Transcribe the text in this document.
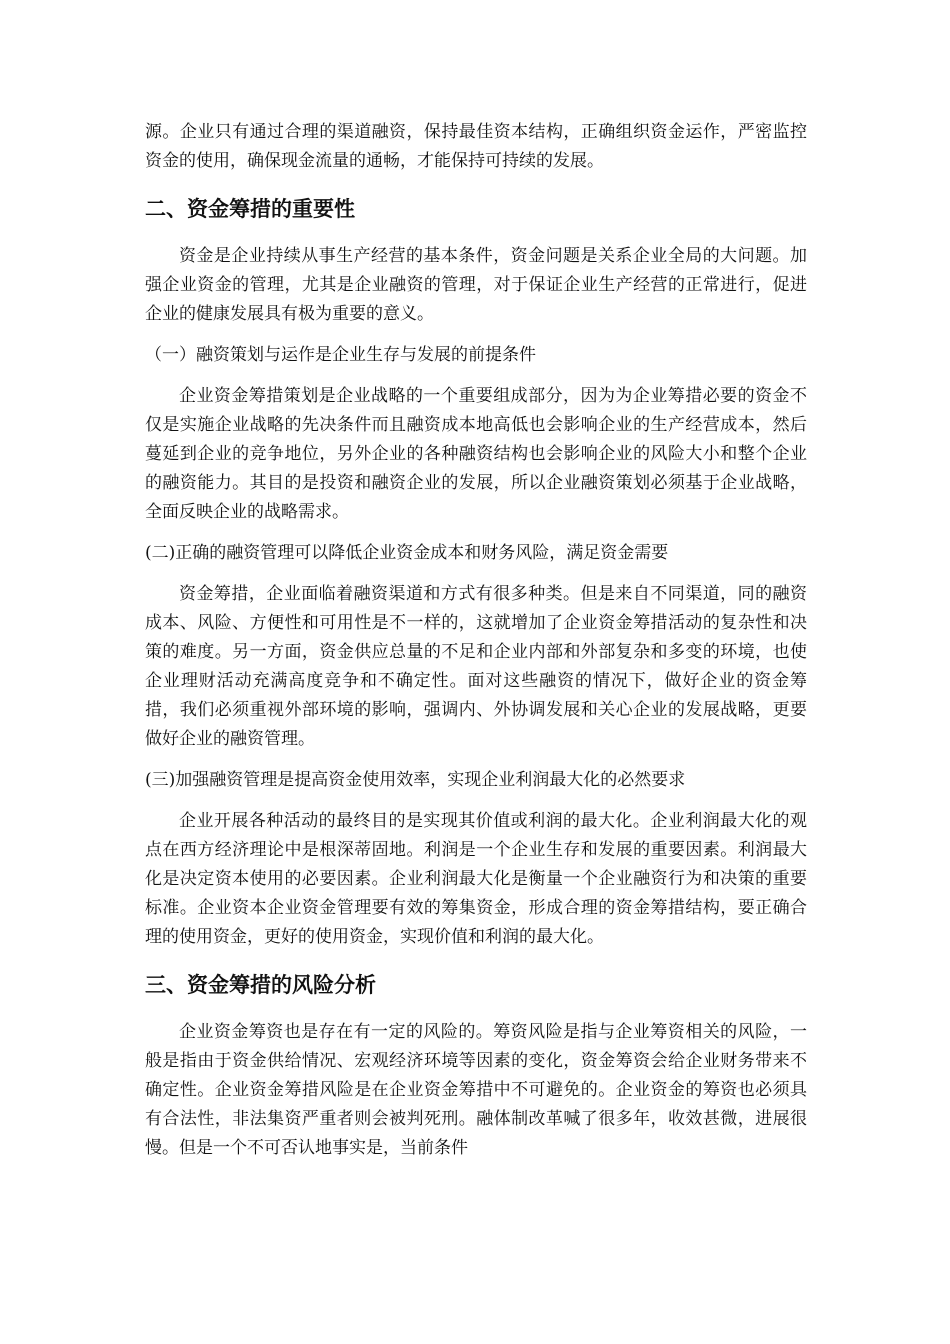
源。企业只有通过合理的渠道融资，保持最佳资本结构，正确组织资金运作，严密监控资金的使用，确保现金流量的通畅，才能保持可持续的发展。

二、资金筹措的重要性

资金是企业持续从事生产经营的基本条件，资金问题是关系企业全局的大问题。加强企业资金的管理，尤其是企业融资的管理，对于保证企业生产经营的正常进行，促进企业的健康发展具有极为重要的意义。

（一）融资策划与运作是企业生存与发展的前提条件

企业资金筹措策划是企业战略的一个重要组成部分，因为为企业筹措必要的资金不仅是实施企业战略的先决条件而且融资成本地高低也会影响企业的生产经营成本，然后蔓延到企业的竞争地位，另外企业的各种融资结构也会影响企业的风险大小和整个企业的融资能力。其目的是投资和融资企业的发展，所以企业融资策划必须基于企业战略，全面反映企业的战略需求。

(二)正确的融资管理可以降低企业资金成本和财务风险，满足资金需要

资金筹措，企业面临着融资渠道和方式有很多种类。但是来自不同渠道，同的融资成本、风险、方便性和可用性是不一样的，这就增加了企业资金筹措活动的复杂性和决策的难度。另一方面，资金供应总量的不足和企业内部和外部复杂和多变的环境，也使企业理财活动充满高度竞争和不确定性。面对这些融资的情况下，做好企业的资金筹措，我们必须重视外部环境的影响，强调内、外协调发展和关心企业的发展战略，更要做好企业的融资管理。

(三)加强融资管理是提高资金使用效率，实现企业利润最大化的必然要求

企业开展各种活动的最终目的是实现其价值或利润的最大化。企业利润最大化的观点在西方经济理论中是根深蒂固地。利润是一个企业生存和发展的重要因素。利润最大化是决定资本使用的必要因素。企业利润最大化是衡量一个企业融资行为和决策的重要标准。企业资本企业资金管理要有效的筹集资金，形成合理的资金筹措结构，要正确合理的使用资金，更好的使用资金，实现价值和利润的最大化。

三、资金筹措的风险分析

企业资金筹资也是存在有一定的风险的。筹资风险是指与企业筹资相关的风险，一般是指由于资金供给情况、宏观经济环境等因素的变化，资金筹资会给企业财务带来不确定性。企业资金筹措风险是在企业资金筹措中不可避免的。企业资金的筹资也必须具有合法性，非法集资严重者则会被判死刑。融体制改革喊了很多年，收效甚微，进展很慢。但是一个不可否认地事实是，当前条件
